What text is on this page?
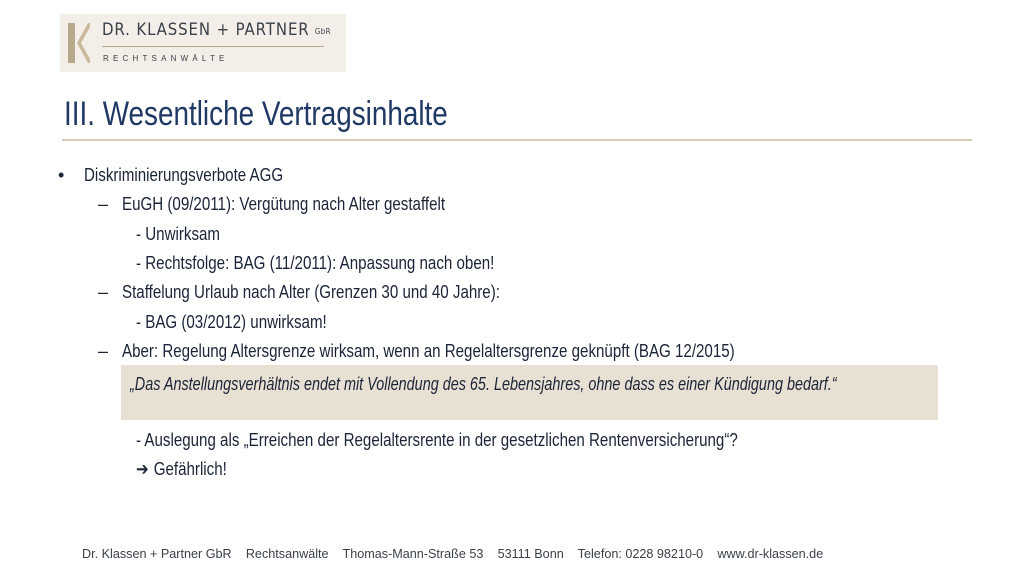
DR. KLASSEN + PARTNER GbR
RECHTSANWÄLTE
III. Wesentliche Vertragsinhalte
• Diskriminierungsverbote AGG
– EuGH (09/2011): Vergütung nach Alter gestaffelt
- Unwirksam
- Rechtsfolge: BAG (11/2011): Anpassung nach oben!
– Staffelung Urlaub nach Alter (Grenzen 30 und 40 Jahre):
- BAG (03/2012) unwirksam!
– Aber: Regelung Altersgrenze wirksam, wenn an Regelaltersgrenze geknüpft (BAG 12/2015)
„Das Anstellungsverhältnis endet mit Vollendung des 65. Lebensjahres, ohne dass es einer Kündigung bedarf.“
- Auslegung als „Erreichen der Regelaltersrente in der gesetzlichen Rentenversicherung“?
➔ Gefährlich!
Dr. Klassen + Partner GbR Rechtsanwälte Thomas-Mann-Straße 53 53111 Bonn Telefon: 0228 98210-0 www.dr-klassen.de
